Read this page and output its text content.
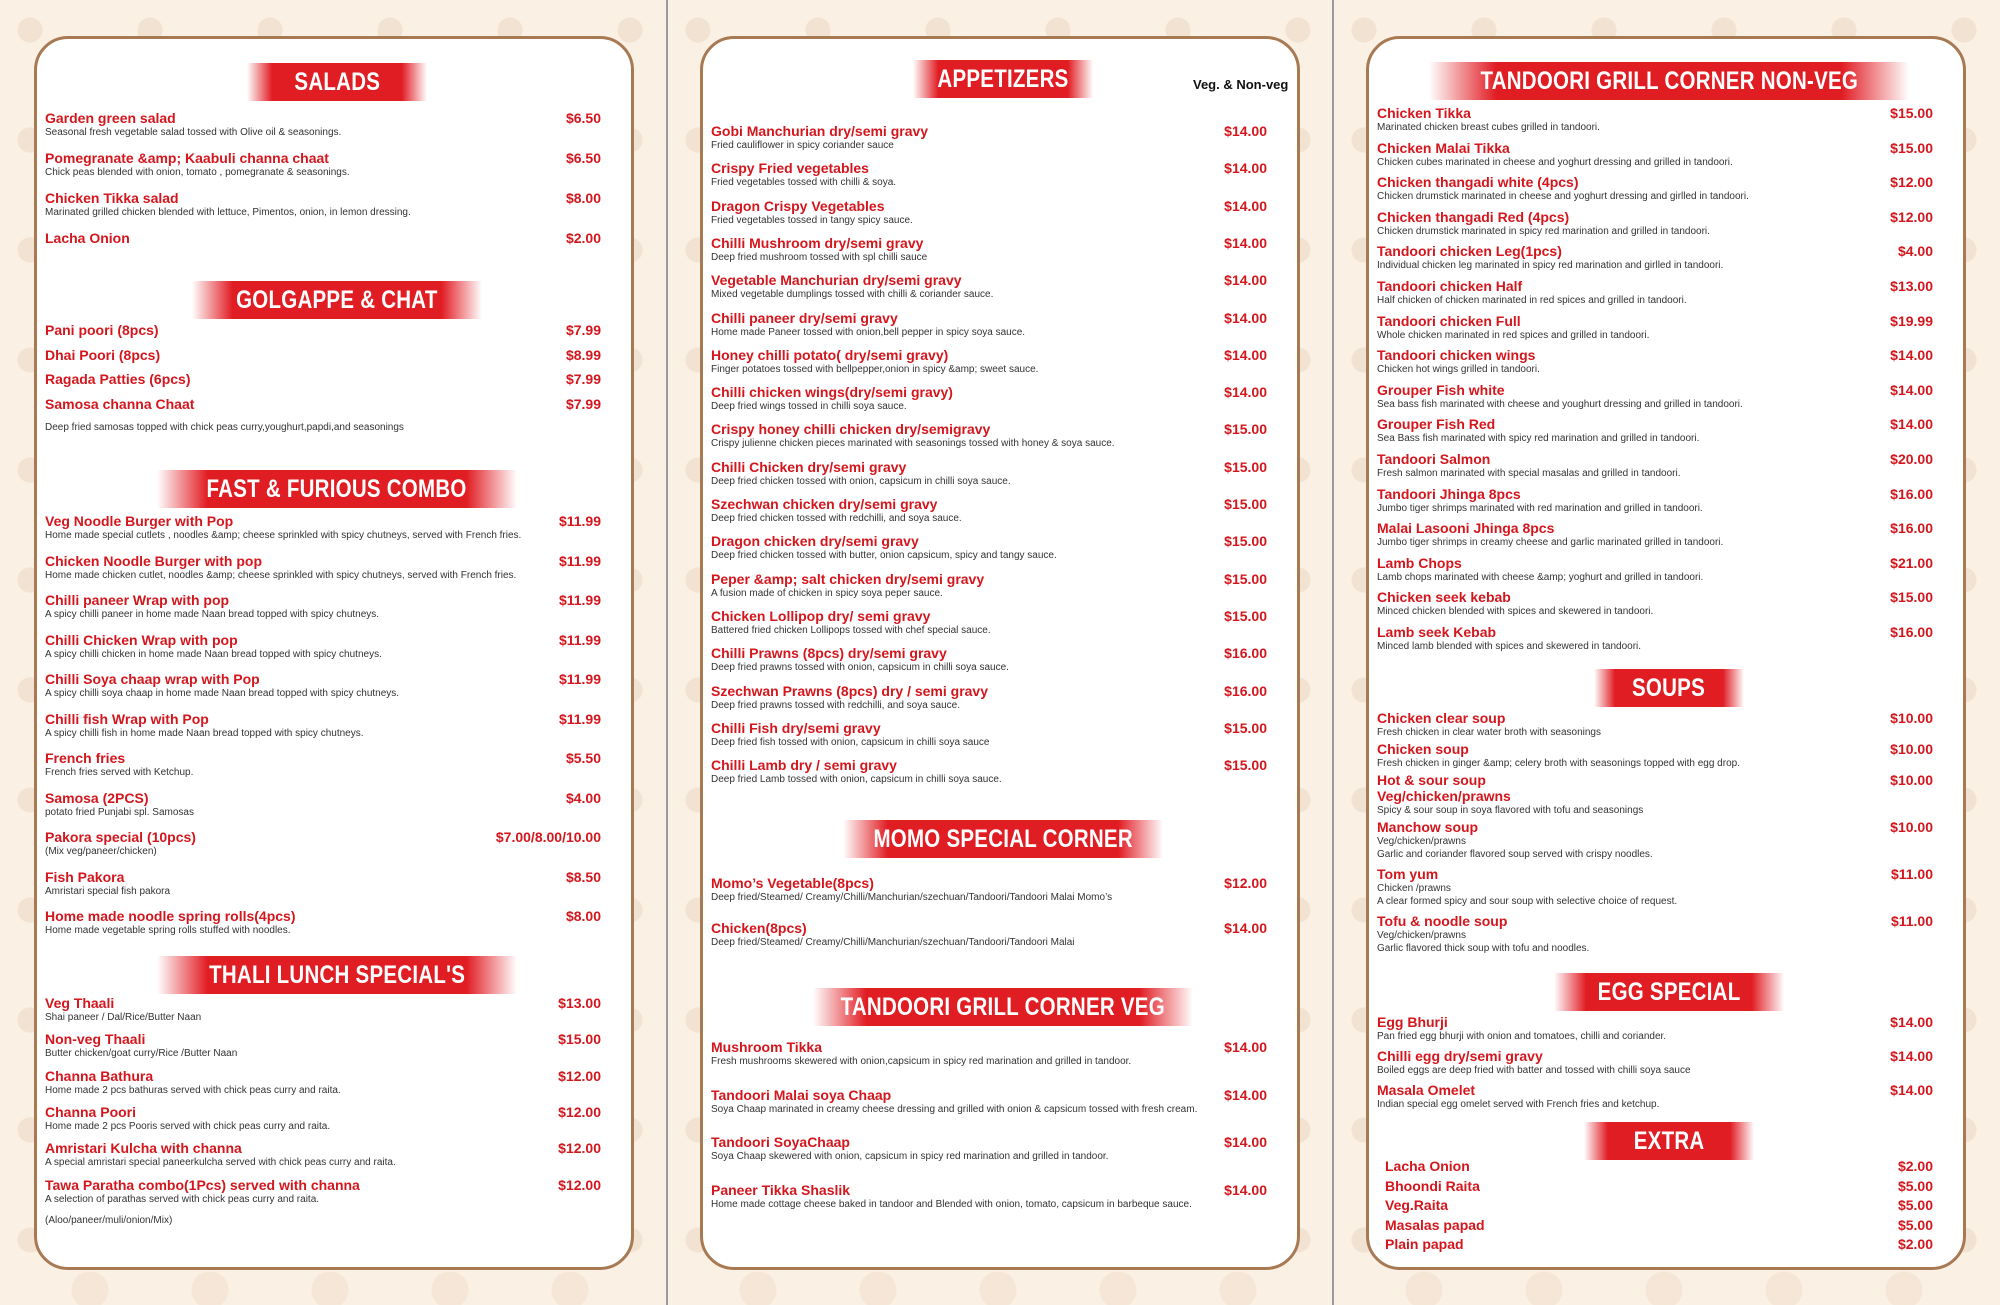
SALADS
Garden green salad	$6.50
Seasonal fresh vegetable salad tossed with Olive oil & seasonings.
Pomegranate &amp; Kaabuli channa chaat	$6.50
Chick peas blended with onion, tomato , pomegranate & seasonings.
Chicken Tikka salad	$8.00
Marinated grilled chicken blended with lettuce, Pimentos, onion, in lemon dressing.
Lacha Onion	$2.00
GOLGAPPE & CHAT
Pani poori (8pcs)	$7.99
Dhai Poori (8pcs)	$8.99
Ragada Patties (6pcs)	$7.99
Samosa channa Chaat	$7.99
Deep fried samosas topped with chick peas curry,youghurt,papdi,and seasonings
FAST & FURIOUS COMBO
Veg Noodle Burger with Pop	$11.99
Home made special cutlets , noodles &amp; cheese sprinkled with spicy chutneys, served with French fries.
Chicken Noodle Burger with pop	$11.99
Home made chicken cutlet, noodles &amp; cheese sprinkled with spicy chutneys, served with French fries.
Chilli paneer Wrap with pop	$11.99
A spicy chilli paneer in home made Naan bread topped with spicy chutneys.
Chilli Chicken Wrap with pop	$11.99
A spicy chilli chicken in home made Naan bread topped with spicy chutneys.
Chilli Soya chaap wrap with Pop	$11.99
A spicy chilli soya chaap in home made Naan bread topped with spicy chutneys.
Chilli fish Wrap with Pop	$11.99
A spicy chilli fish in home made Naan bread topped with spicy chutneys.
French fries	$5.50
French fries served with Ketchup.
Samosa (2PCS)	$4.00
potato fried Punjabi spl. Samosas
Pakora special (10pcs)	$7.00/8.00/10.00
(Mix veg/paneer/chicken)
Fish Pakora	$8.50
Amristari special fish pakora
Home made noodle spring rolls(4pcs)	$8.00
Home made vegetable spring rolls stuffed with noodles.
THALI LUNCH SPECIAL'S
Veg Thaali	$13.00
Shai paneer / Dal/Rice/Butter Naan
Non-veg Thaali	$15.00
Butter chicken/goat curry/Rice /Butter Naan
Channa Bathura	$12.00
Home made 2 pcs bathuras served with chick peas curry and raita.
Channa Poori	$12.00
Home made 2 pcs Pooris served with chick peas curry and raita.
Amristari Kulcha with channa	$12.00
A special amristari special paneerkulcha served with chick peas curry and raita.
Tawa Paratha combo(1Pcs) served with channa	$12.00
A selection of parathas served with chick peas curry and raita.
(Aloo/paneer/muli/onion/Mix)
APPETIZERS	Veg. & Non-veg
Gobi Manchurian dry/semi gravy	$14.00
Fried cauliflower in spicy coriander sauce
Crispy Fried vegetables	$14.00
Fried vegetables tossed with chilli & soya.
Dragon Crispy Vegetables	$14.00
Fried vegetables tossed in tangy spicy sauce.
Chilli Mushroom dry/semi gravy	$14.00
Deep fried mushroom tossed with spl chilli sauce
Vegetable Manchurian dry/semi gravy	$14.00
Mixed vegetable dumplings tossed with chilli & coriander sauce.
Chilli paneer dry/semi gravy	$14.00
Home made Paneer tossed with onion,bell pepper in spicy soya sauce.
Honey chilli potato( dry/semi gravy)	$14.00
Finger potatoes tossed with bellpepper,onion in spicy &amp; sweet sauce.
Chilli chicken wings(dry/semi gravy)	$14.00
Deep fried wings tossed in chilli soya sauce.
Crispy honey chilli chicken dry/semigravy	$15.00
Crispy julienne chicken pieces marinated with seasonings tossed with honey & soya sauce.
Chilli Chicken dry/semi gravy	$15.00
Deep fried chicken tossed with onion, capsicum in chilli soya sauce.
Szechwan chicken dry/semi gravy	$15.00
Deep fried chicken tossed with redchilli, and soya sauce.
Dragon chicken dry/semi gravy	$15.00
Deep fried chicken tossed with butter, onion capsicum, spicy and tangy sauce.
Peper &amp; salt chicken dry/semi gravy	$15.00
A fusion made of chicken in spicy soya peper sauce.
Chicken Lollipop dry/ semi gravy	$15.00
Battered fried chicken Lollipops tossed with chef special sauce.
Chilli Prawns (8pcs) dry/semi gravy	$16.00
Deep fried prawns tossed with onion, capsicum in chilli soya sauce.
Szechwan Prawns (8pcs) dry / semi gravy	$16.00
Deep fried prawns tossed with redchilli, and soya sauce.
Chilli Fish dry/semi gravy	$15.00
Deep fried fish tossed with onion, capsicum in chilli soya sauce
Chilli Lamb dry / semi gravy	$15.00
Deep fried Lamb tossed with onion, capsicum in chilli soya sauce.
MOMO SPECIAL CORNER
Momo’s Vegetable(8pcs)	$12.00
Deep fried/Steamed/ Creamy/Chilli/Manchurian/szechuan/Tandoori/Tandoori Malai Momo’s
Chicken(8pcs)	$14.00
Deep fried/Steamed/ Creamy/Chilli/Manchurian/szechuan/Tandoori/Tandoori Malai
TANDOORI GRILL CORNER VEG
Mushroom Tikka	$14.00
Fresh mushrooms skewered with onion,capsicum in spicy red marination and grilled in tandoor.
Tandoori Malai soya Chaap	$14.00
Soya Chaap marinated in creamy cheese dressing and grilled with onion & capsicum tossed with fresh cream.
Tandoori SoyaChaap	$14.00
Soya Chaap skewered with onion, capsicum in spicy red marination and grilled in tandoor.
Paneer Tikka Shaslik	$14.00
Home made cottage cheese baked in tandoor and Blended with onion, tomato, capsicum in barbeque sauce.
TANDOORI GRILL CORNER NON-VEG
Chicken Tikka	$15.00
Marinated chicken breast cubes grilled in tandoori.
Chicken Malai Tikka	$15.00
Chicken cubes marinated in cheese and yoghurt dressing and grilled in tandoori.
Chicken thangadi white (4pcs)	$12.00
Chicken drumstick marinated in cheese and yoghurt dressing and girlled in tandoori.
Chicken thangadi Red (4pcs)	$12.00
Chicken drumstick marinated in spicy red marination and grilled in tandoori.
Tandoori chicken Leg(1pcs)	$4.00
Individual chicken leg marinated in spicy red marination and girlled in tandoori.
Tandoori chicken Half	$13.00
Half chicken of chicken marinated in red spices and grilled in tandoori.
Tandoori chicken Full	$19.99
Whole chicken marinated in red spices and grilled in tandoori.
Tandoori chicken wings	$14.00
Chicken hot wings grilled in tandoori.
Grouper Fish white	$14.00
Sea bass fish marinated with cheese and youghurt dressing and grilled in tandoori.
Grouper Fish Red	$14.00
Sea Bass fish marinated with spicy red marination and grilled in tandoori.
Tandoori Salmon	$20.00
Fresh salmon marinated with special masalas and grilled in tandoori.
Tandoori Jhinga 8pcs	$16.00
Jumbo tiger shrimps marinated with red marination and grilled in tandoori.
Malai Lasooni Jhinga 8pcs	$16.00
Jumbo tiger shrimps in creamy cheese and garlic marinated grilled in tandoori.
Lamb Chops	$21.00
Lamb chops marinated with cheese &amp; yoghurt and grilled in tandoori.
Chicken seek kebab	$15.00
Minced chicken blended with spices and skewered in tandoori.
Lamb seek Kebab	$16.00
Minced lamb blended with spices and skewered in tandoori.
SOUPS
Chicken clear soup	$10.00
Fresh chicken in clear water broth with seasonings
Chicken soup	$10.00
Fresh chicken in ginger &amp; celery broth with seasonings topped with egg drop.
Hot & sour soup	$10.00
Veg/chicken/prawns
Spicy & sour soup in soya flavored with tofu and seasonings
Manchow soup	$10.00
Veg/chicken/prawns
Garlic and coriander flavored soup served with crispy noodles.
Tom yum	$11.00
Chicken /prawns
A clear formed spicy and sour soup with selective choice of request.
Tofu & noodle soup	$11.00
Veg/chicken/prawns
Garlic flavored thick soup with tofu and noodles.
EGG SPECIAL
Egg Bhurji	$14.00
Pan fried egg bhurji with onion and tomatoes, chilli and coriander.
Chilli egg dry/semi gravy	$14.00
Boiled eggs are deep fried with batter and tossed with chilli soya sauce
Masala Omelet	$14.00
Indian special egg omelet served with French fries and ketchup.
EXTRA
Lacha Onion	$2.00
Bhoondi Raita	$5.00
Veg.Raita	$5.00
Masalas papad	$5.00
Plain papad	$2.00
